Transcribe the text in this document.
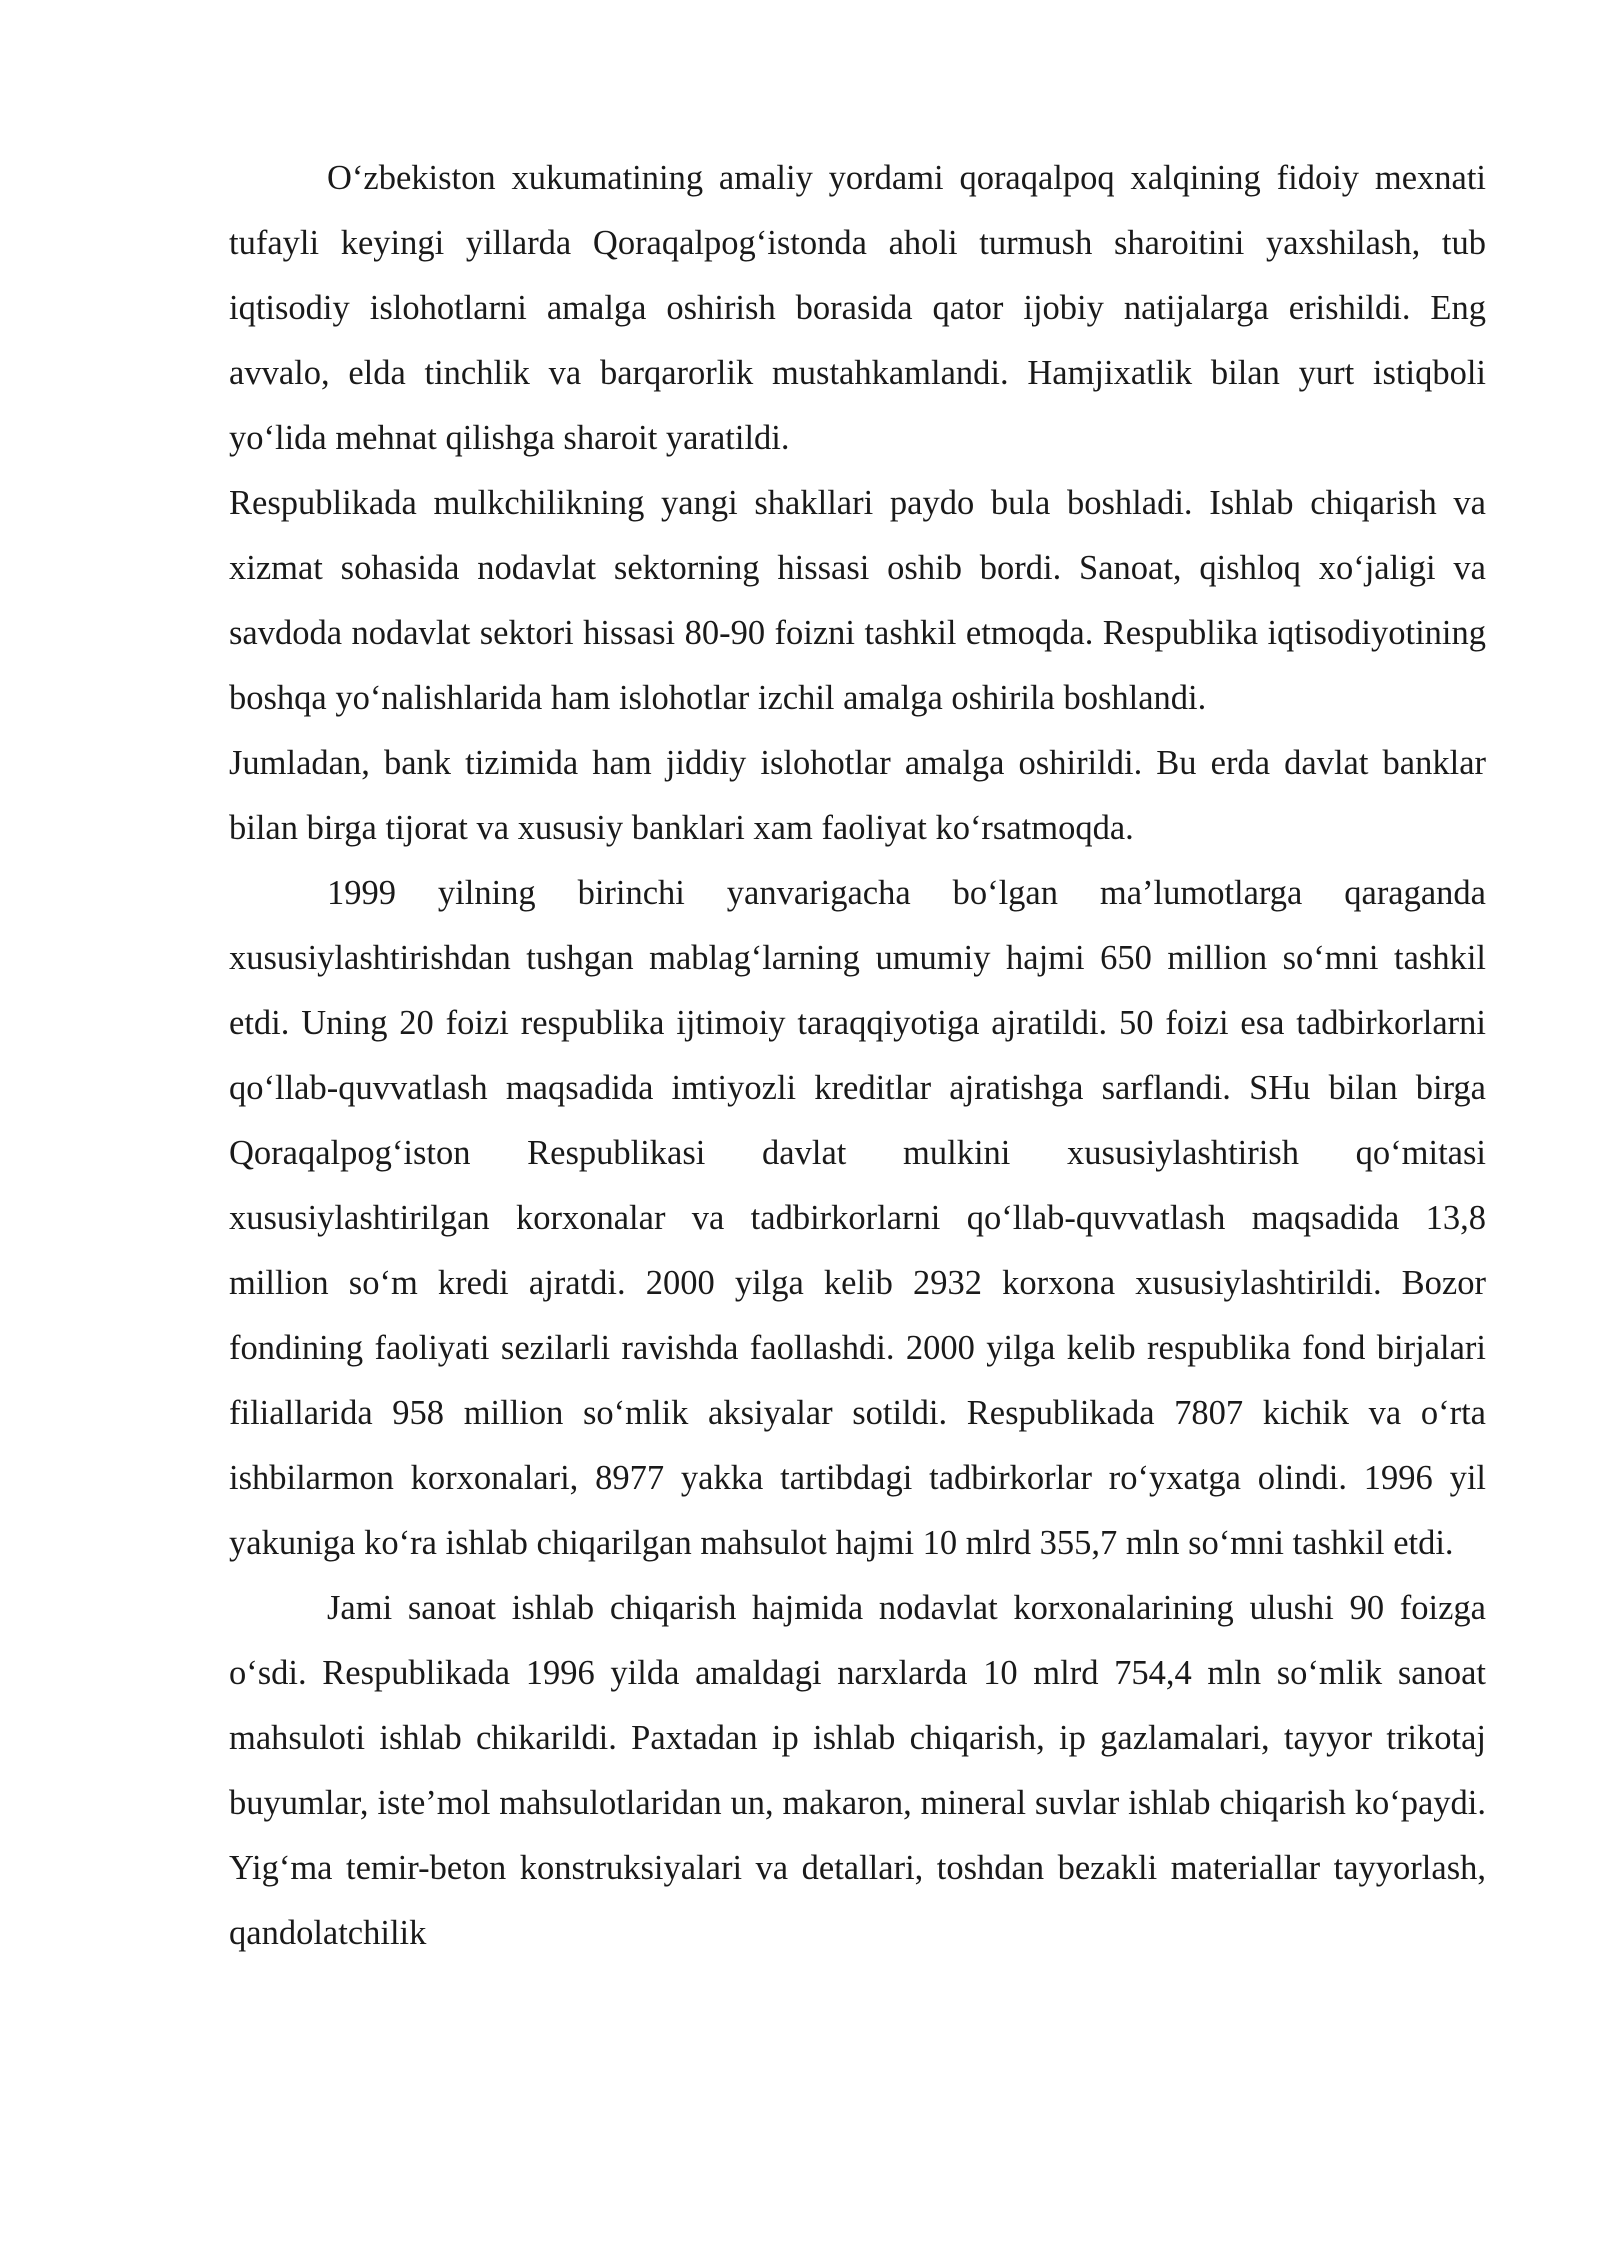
O‘zbekiston xukumatining amaliy yordami qoraqalpoq xalqining fidoiy mexnati tufayli keyingi yillarda Qoraqalpog‘istonda aholi turmush sharoitini yaxshilash, tub iqtisodiy islohotlarni amalga oshirish borasida qator ijobiy natijalarga erishildi. Eng avvalo, elda tinchlik va barqarorlik mustahkamlandi. Hamjixatlik bilan yurt istiqboli yo‘lida mehnat qilishga sharoit yaratildi.

Respublikada mulkchilikning yangi shakllari paydo bula boshladi. Ishlab chiqarish va xizmat sohasida nodavlat sektorning hissasi oshib bordi. Sanoat, qishloq xo‘jaligi va savdoda nodavlat sektori hissasi 80-90 foizni tashkil etmoqda. Respublika iqtisodiyotining boshqa yo‘nalishlarida ham islohotlar izchil amalga oshirila boshlandi.

Jumladan, bank tizimida ham jiddiy islohotlar amalga oshirildi. Bu erda davlat banklar bilan birga tijorat va xususiy banklari xam faoliyat ko‘rsatmoqda.

1999 yilning birinchi yanvarigacha bo‘lgan ma’lumotlarga qaraganda xususiylashtirishdan tushgan mablag‘larning umumiy hajmi 650 million so‘mni tashkil etdi. Uning 20 foizi respublika ijtimoiy taraqqiyotiga ajratildi. 50 foizi esa tadbirkorlarni qo‘llab-quvvatlash maqsadida imtiyozli kreditlar ajratishga sarflandi. SHu bilan birga Qoraqalpog‘iston Respublikasi davlat mulkini xususiylashtirish qo‘mitasi xususiylashtirilgan korxonalar va tadbirkorlarni qo‘llab-quvvatlash maqsadida 13,8 million so‘m kredi ajratdi. 2000 yilga kelib 2932 korxona xususiylashtirildi. Bozor fondining faoliyati sezilarli ravishda faollashdi. 2000 yilga kelib respublika fond birjalari filiallarida 958 million so‘mlik aksiyalar sotildi. Respublikada 7807 kichik va o‘rta ishbilarmon korxonalari, 8977 yakka tartibdagi tadbirkorlar ro‘yxatga olindi. 1996 yil yakuniga ko‘ra ishlab chiqarilgan mahsulot hajmi 10 mlrd 355,7 mln so‘mni tashkil etdi.

Jami sanoat ishlab chiqarish hajmida nodavlat korxonalarining ulushi 90 foizga o‘sdi. Respublikada 1996 yilda amaldagi narxlarda 10 mlrd 754,4 mln so‘mlik sanoat mahsuloti ishlab chikarildi. Paxtadan ip ishlab chiqarish, ip gazlamalari, tayyor trikotaj buyumlar, iste’mol mahsulotlaridan un, makaron, mineral suvlar ishlab chiqarish ko‘paydi. Yig‘ma temir-beton konstruksiyalari va detallari, toshdan bezakli materiallar tayyorlash, qandolatchilik
